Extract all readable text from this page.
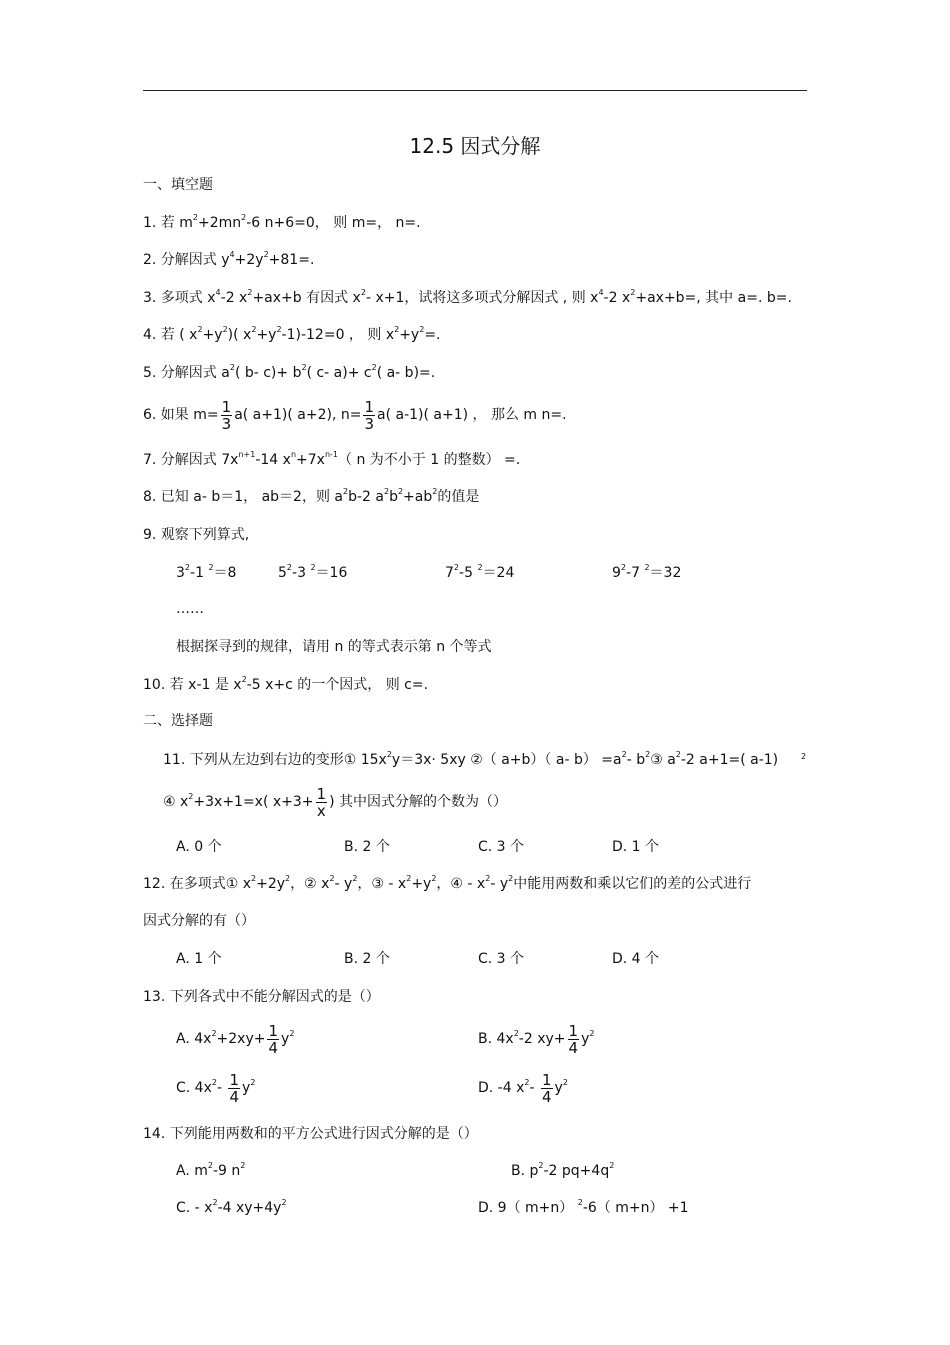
12.5 因式分解
一、填空题
1. 若 $m^2+2mn^2-6$ n+6=0， 则 m=， n=.
2. 分解因式 $y^4+2y^2+81=$.
3. 多项式 $x^4-2$ $x^2+ax+b$ 有因式 $x^2-$ x+1，试将这多项式分解因式 , 则 $x^4-2$ $x^2+ax+b=$, 其中 a=. b=.
4. 若 ( $x^2+y^2$)( $x^2+y^2-1)-12=0$ ， 则 $x^2+y^2=$.
5. 分解因式 $a^2$( b- $c)+ b^2$( c- $a)+ c^2$( a- b)=.
6. 如果 $m= \frac{1}{3} a$( a+1)( a+2), $n= \frac{1}{3} a$( a-1)( a+1) ， 那么 m n=.
7. 分解因式 $7x^{n+1}-14$ $x^n+7x^{n-1}$（ n 为不小于 1 的整数） =.
8. 已知 a- b＝1， ab＝2，则 $a^2b-2$ $a^2b^2+ab^2$的值是
9. 观察下列算式,
$3^2-1$ $^2$＝8	$5^2-3$ $^2$＝16	$7^2-5$ $^2$＝24	$9^2-7$ $^2$＝32
……
根据探寻到的规律，请用 n 的等式表示第 n 个等式
10. 若 x-1 是 $x^2-5$ x+c 的一个因式， 则 c=.
二、选择题
11. 下列从左边到右边的变形① $15x^2y=3x\cdot 5xy$ ②（ a+b）（ a- $b) =a^2-$ $b^2③$ $a^2-2$ a+1=( a-1)	2
④ $x^2+3x+1=x$( $x+3+ \frac{1}{x}$ ) 其中因式分解的个数为（）
A. 0 个	B. 2 个	C. 3 个	D. 1 个
12. 在多项式① $x^2+2y^2$，② $x^2-$ $y^2$，③ - $x^2+y^2$，④ - $x^2-$ $y^2$中能用两数和乘以它们的差的公式进行
因式分解的有（）
A. 1 个	B. 2 个	C. 3 个	D. 4 个
13. 下列各式中不能分解因式的是（）
A. $4x^2+2xy+ \frac{1}{4} y^2$	B. $4x^2-2$ $xy+ \frac{1}{4} y^2$
C. $4x^2- \frac{1}{4} y^2$	D. -4 $x^2- \frac{1}{4} y^2$
14. 下列能用两数和的平方公式进行因式分解的是（）
A. $m^2-9$ $n^2$	B. $p^2-2$ $pq+4q^2$
C. - $x^2-4$ $xy+4y^2$	D. 9（ m+n） $^2$-6（ m+n） +1
